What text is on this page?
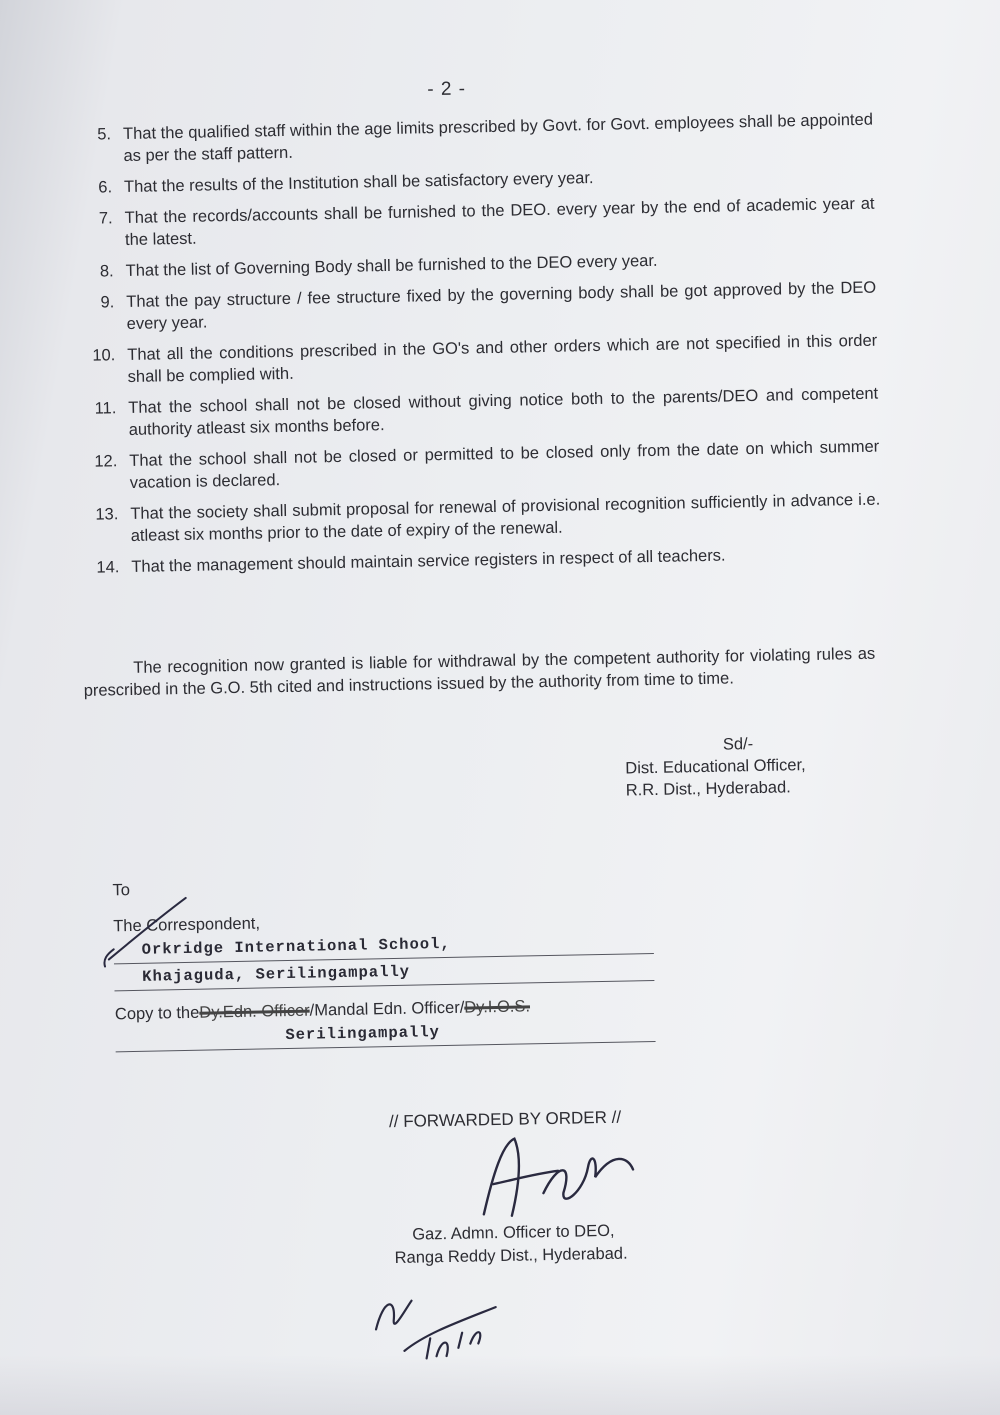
- 2 -
5. That the qualified staff within the age limits prescribed by Govt. for Govt. employees shall be appointed as per the staff pattern.
6. That the results of the Institution shall be satisfactory every year.
7. That the records/accounts shall be furnished to the DEO. every year by the end of academic year at the latest.
8. That the list of Governing Body shall be furnished to the DEO every year.
9. That the pay structure / fee structure fixed by the governing body shall be got approved by the DEO every year.
10. That all the conditions prescribed in the GO's and other orders which are not specified in this order shall be complied with.
11. That the school shall not be closed without giving notice both to the parents/DEO and competent authority atleast six months before.
12. That the school shall not be closed or permitted to be closed only from the date on which summer vacation is declared.
13. That the society shall submit proposal for renewal of provisional recognition sufficiently in advance i.e. atleast six months prior to the date of expiry of the renewal.
14. That the management should maintain service registers in respect of all teachers.
The recognition now granted is liable for withdrawal by the competent authority for violating rules as prescribed in the G.O. 5th cited and instructions issued by the authority from time to time.
Sd/-
Dist. Educational Officer,
R.R. Dist., Hyderabad.
To
The Correspondent,
Orkridge International School,
Khajaguda, Serilingampally
Copy to theDy.Edn. Officer/Mandal Edn. Officer/Dy.I.O.S.
Serilingampally
// FORWARDED BY ORDER //
Gaz. Admn. Officer to DEO,
Ranga Reddy Dist., Hyderabad.
